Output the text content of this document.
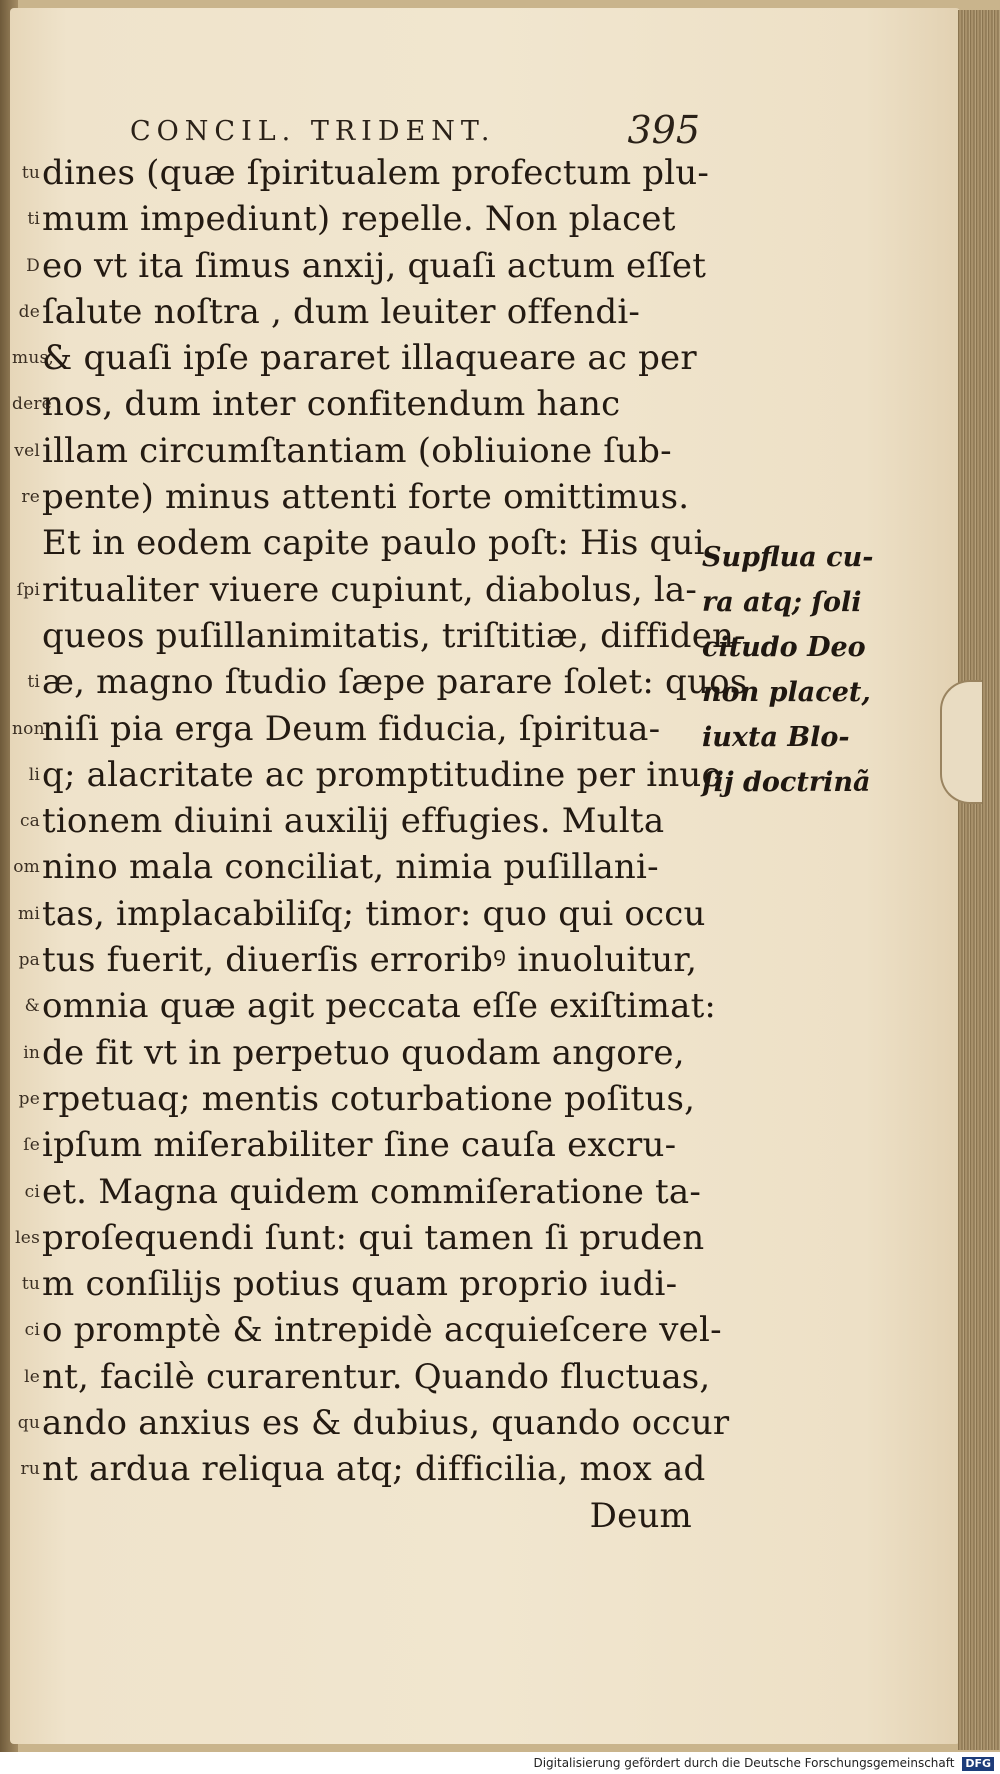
CONCIL. TRIDENT.	395
tudines (quæ ſpiritualem profectum plu-
timum impediunt) repelle. Non placet
Deo vt ita ſimus anxij, quaſi actum eſſet
deſalute noſtra , dum leuiter offendi-
mus,& quaſi ipſe pararet illaqueare ac per
derenos, dum inter confitendum hanc
velillam circumſtantiam (obliuione ſub-
repente) minus attenti forte omittimus.
Et in eodem capite paulo poſt: His qui
ſpiritualiter viuere cupiunt, diabolus, la-
queos puſillanimitatis, triſtitiæ, diffiden-
tiæ, magno ſtudio ſæpe parare ſolet: quos
nonniſi pia erga Deum fiducia, ſpiritua-
liq; alacritate ac promptitudine per inuo
cationem diuini auxilij effugies. Multa
omnino mala conciliat, nimia puſillani-
mitas, implacabiliſq; timor: quo qui occu
patus fuerit, diuerſis erroribꝰ inuoluitur,
&omnia quæ agit peccata eſſe exiſtimat:
inde fit vt in perpetuo quodam angore,
perpetuaq; mentis coturbatione poſitus,
ſeipſum miſerabiliter ſine cauſa excru-
ciet. Magna quidem commiſeratione ta-
lesproſequendi ſunt: qui tamen ſi pruden
tum conſilijs potius quam proprio iudi-
cio promptè & intrepidè acquieſcere vel-
lent, facilè curarentur. Quando fluctuas,
quando anxius es & dubius, quando occur
runt ardua reliqua atq; difficilia, mox ad
Deum
Supflua cu-
ra atq; ſoli
citudo Deo
non placet,
iuxta Blo-
ſij doctrinã
Digitalisierung gefördert durch die Deutsche Forschungsgemeinschaft DFG
